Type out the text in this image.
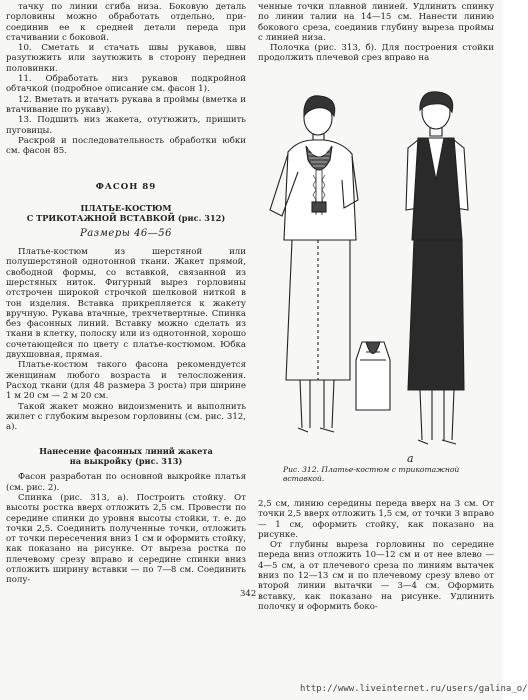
тачку по линии сгиба низа. Боковую деталь горловины можно обработать отдельно, при-соединив ее к средней детали переда при стачивании с боковой.

10. Сметать и стачать швы рукавов, швы разутюжить или заутюжить в сторону переднеи половинки.

11. Обработать низ рукавов подкройной обтачкой (подробное описание см. фасон 1).

12. Вметать и втачать рукава в проймы (вметка и втачивание по рукаву).

13. Подшить низ жакета, отутюжить, пришить пуговицы.

Раскрой и последовательность обработки юбки см. фасон 85.

ФАСОН 89
ПЛАТЬЕ-КОСТЮМ
С ТРИКОТАЖНОЙ ВСТАВКОЙ (рис. 312)
Размеры 46—56

Платье-костюм из шерстяной или полушерстяной однотонной ткани. Жакет прямой, свободной формы, со вставкой, связанной из шерстяных ниток. Фигурный вырез горловины отстрочен широкой строчкой шелковой ниткой в тон изделия. Вставка прикрепляется к жакету вручную. Рукава втачные, трехчетвертные. Спинка без фасонных линий. Вставку можно сделать из ткани в клетку, полоску или из однотонной, хорошо сочетающейся по цвету с платье-костюмом. Юбка двухшовная, прямая.

Платье-костюм такого фасона рекомендуется женщинам любого возраста и телосложения. Расход ткани (для 48 размера 3 роста) при ширине 1 м 20 см — 2 м 20 см.

Такой жакет можно видоизменить и выполнить жилет с глубоким вырезом горловины (см. рис. 312, а).

Нанесение фасонных линий жакета
на выкройку (рис. 313)

Фасон разработан по основной выкройке платья (см. рис. 2).

Спинка (рис. 313, а). Построить стойку. От высоты ростка вверх отложить 2,5 см. Провести по середине спинки до уровня высоты стойки, т. е. до точки 2,5. Соединить полученные точки, отложить от точки пересечения вниз 1 см и оформить стойку, как показано на рисунке. От выреза ростка по плечевому срезу вправо и середине спинки вниз отложить ширину вставки — по 7—8 см. Соединить полу-

ченные точки плавной линией. Удлинить спинку по линии талии на 14—15 см. Нанести линию бокового среза, соединив глубину выреза проймы с линией низа.

Полочка (рис. 313, б). Для построения стойки продолжить плечевой срез вправо на

а
Рис. 312. Платье-костюм с трикотажной вставкой.

2,5 см, линию середины переда вверх на 3 см. От точки 2,5 вверх отложить 1,5 см, от точки 3 вправо — 1 см, оформить стойку, как показано на рисунке.

От глубины выреза горловины по середине переда вниз отложить 10—12 см и от нее влево — 4—5 см, а от плечевого среза по линиям вытачек вниз по 12—13 см и по плечевому срезу влево от второй линии вытачки — 3—4 см. Оформить вставку, как показано на рисунке. Удлинить полочку и оформить боко-

342
http://www.liveinternet.ru/users/galina_o/
